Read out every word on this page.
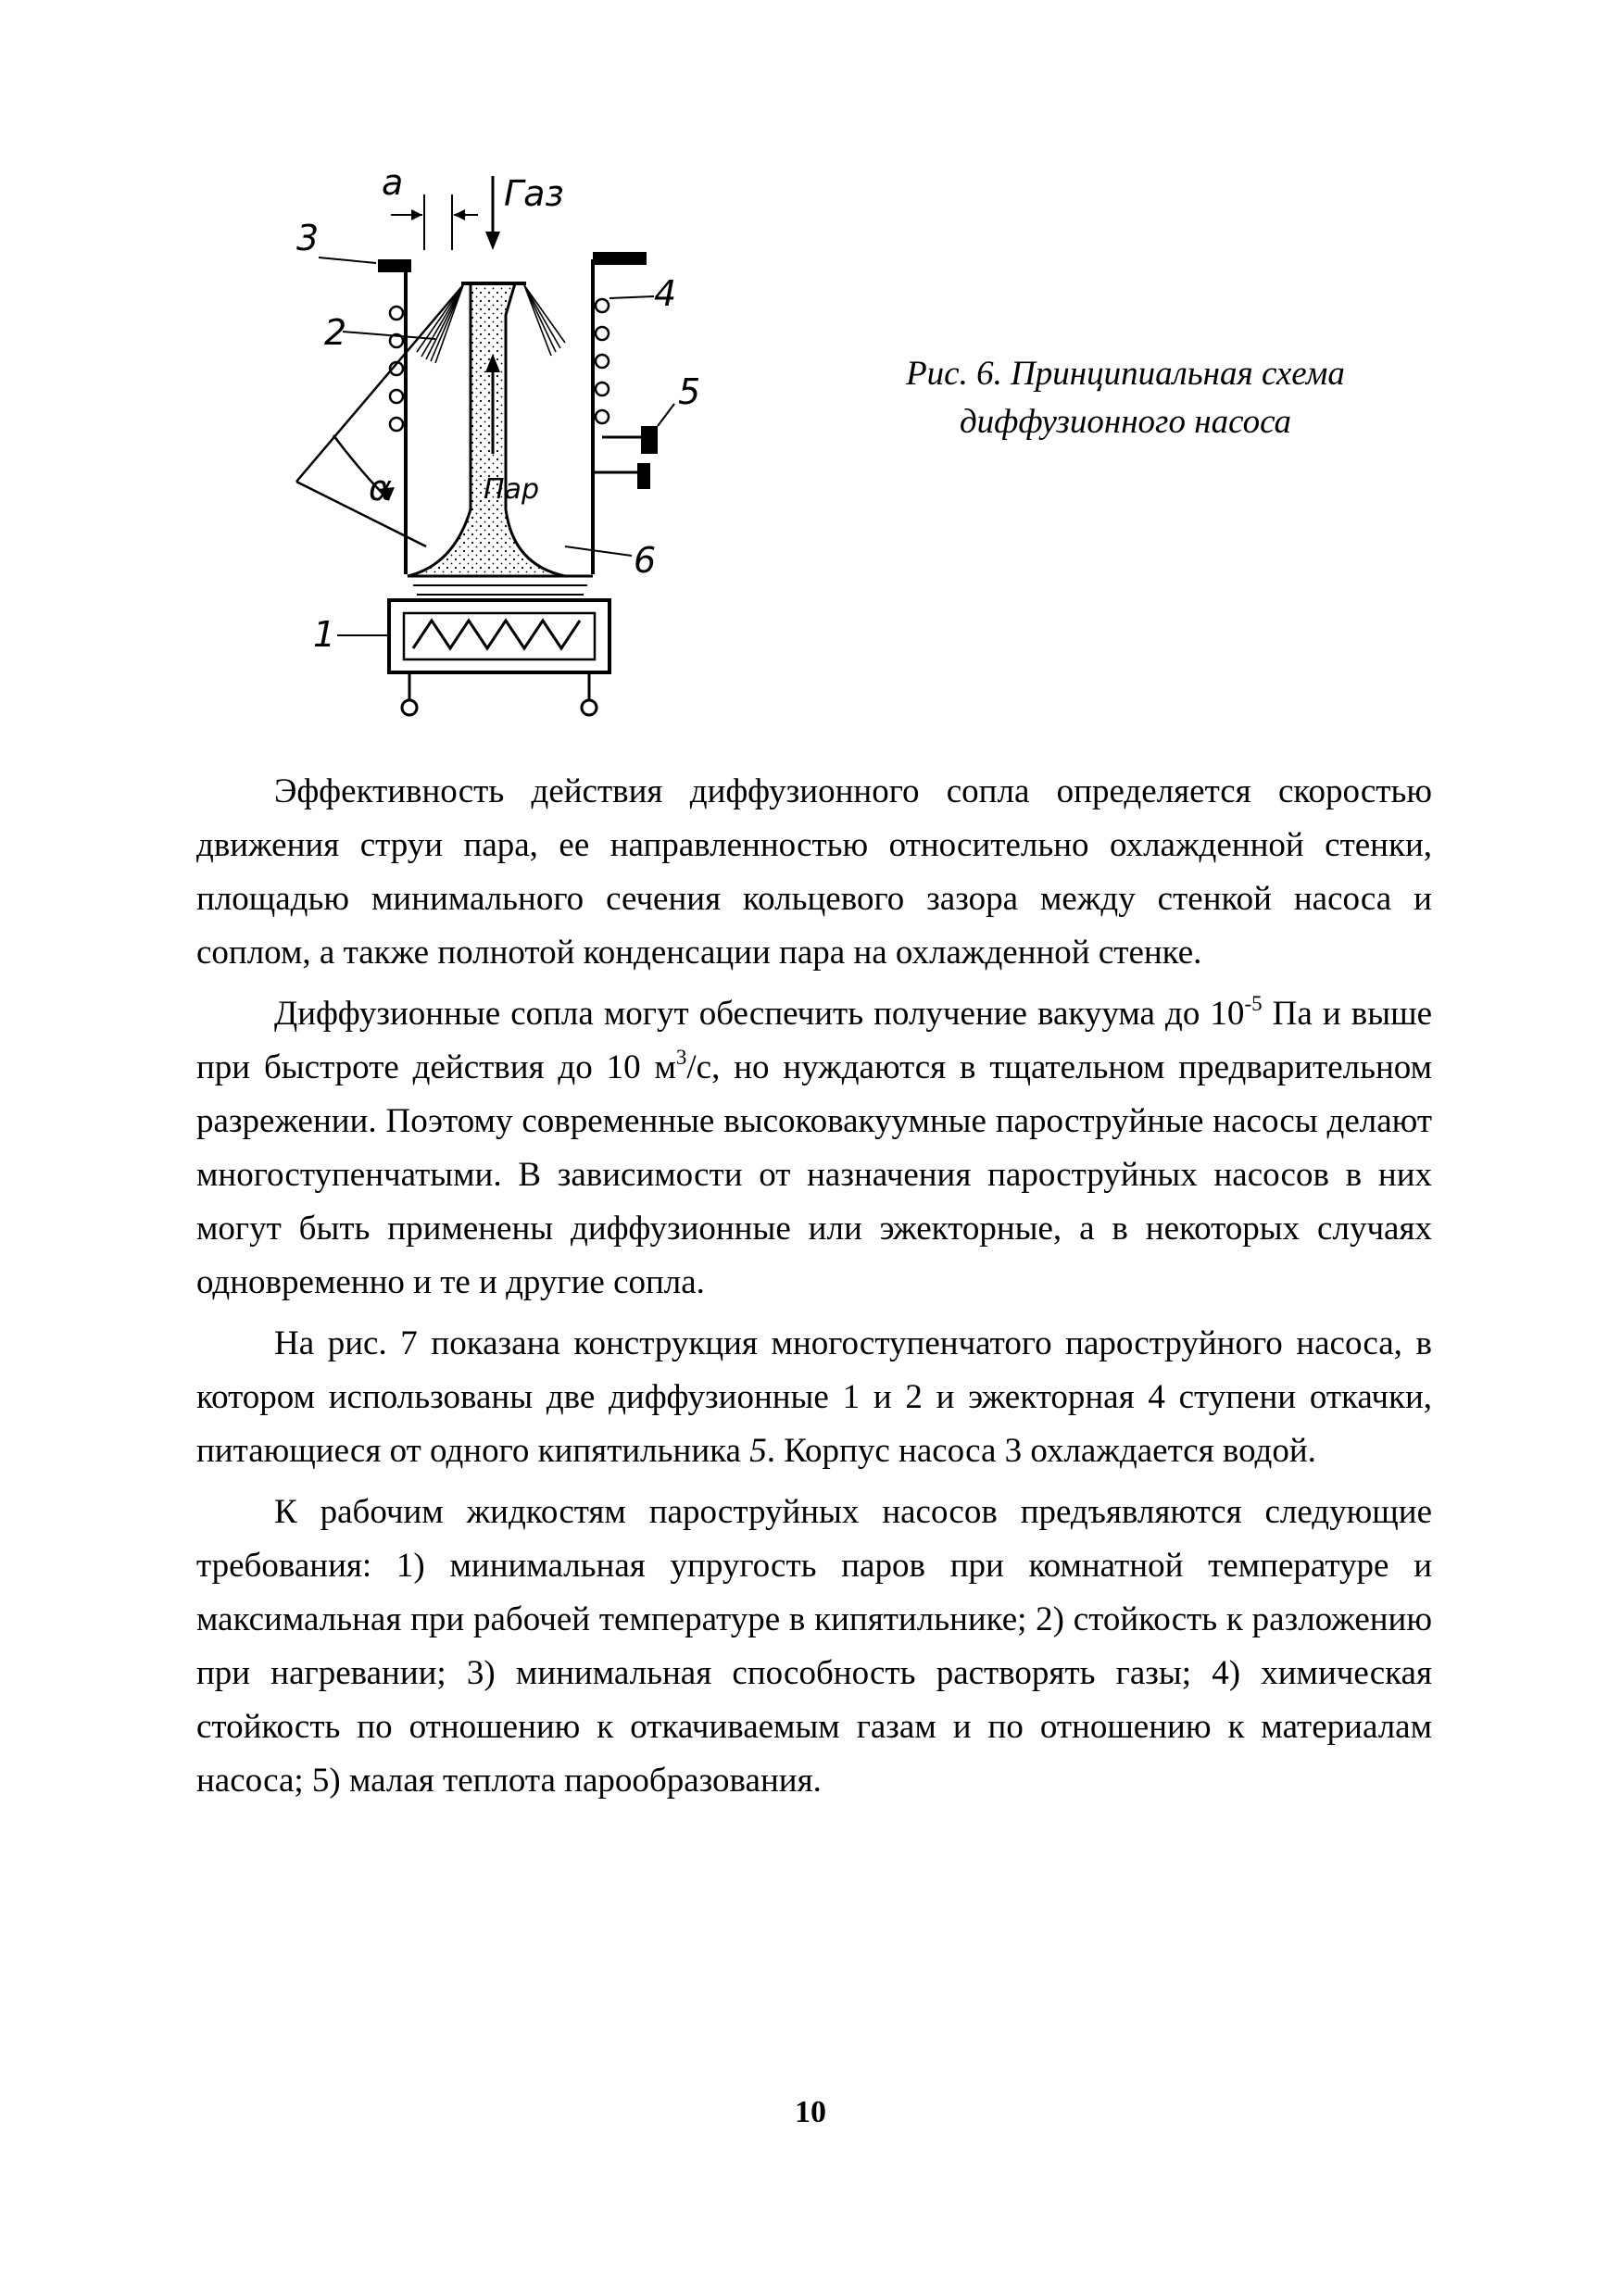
a	Газ
Пар
α
1
2
3
4
5
6
Рис. 6. Принципиальная схема
диффузионного насоса

Эффективность действия диффузионного сопла определяется скоростью движения струи пара, ее направленностью относительно охлажденной стенки, площадью минимального сечения кольцевого зазора между стенкой насоса и соплом, а также полнотой конденсации пара на охлажденной стенке.

Диффузионные сопла могут обеспечить получение вакуума до $10^{-5}$ Па и выше при быстроте действия до 10 $м^3/с$, но нуждаются в тщательном предварительном разрежении. Поэтому современные высоковакуумные пароструйные насосы делают многоступенчатыми. В зависимости от назначения пароструйных насосов в них могут быть применены диффузионные или эжекторные, а в некоторых случаях одновременно и те и другие сопла.

На рис. 7 показана конструкция многоступенчатого пароструйного насоса, в котором использованы две диффузионные 1 и 2 и эжекторная 4 ступени откачки, питающиеся от одного кипятильника 5. Корпус насоса 3 охлаждается водой.

К рабочим жидкостям пароструйных насосов предъявляются следующие требования: 1) минимальная упругость паров при комнатной температуре и максимальная при рабочей температуре в кипятильнике; 2) стойкость к разложению при нагревании; 3) минимальная способность растворять газы; 4) химическая стойкость по отношению к откачиваемым газам и по отношению к материалам насоса; 5) малая теплота парообразования.

10
